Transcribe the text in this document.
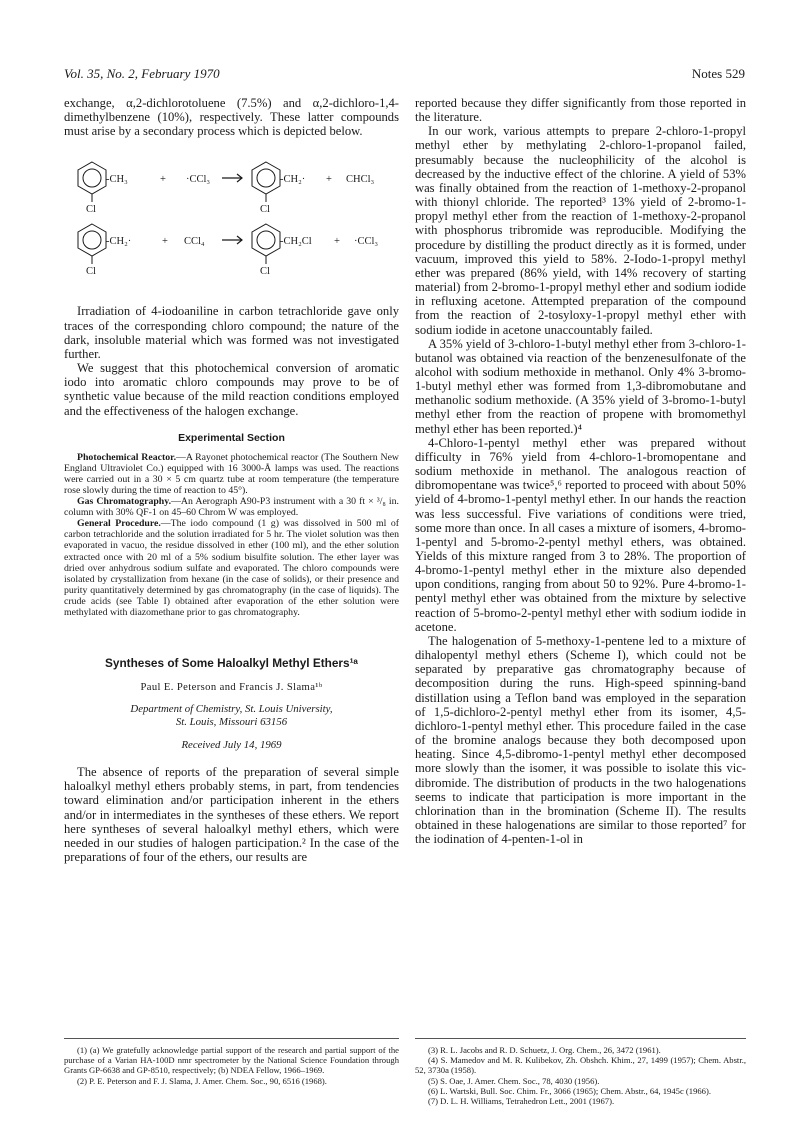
Vol. 35, No. 2, February 1970	Notes 529

exchange, α,2-dichlorotoluene (7.5%) and α,2-dichloro-1,4-dimethylbenzene (10%), respectively. These latter compounds must arise by a secondary process which is depicted below.

-CH₃
Cl
+ ·CCl₃	-CH₂·
Cl
+ CHCl₃
-CH₂·
Cl
+ CCl₄	-CH₂Cl
Cl
+ ·CCl₃

Irradiation of 4-iodoaniline in carbon tetrachloride gave only traces of the corresponding chloro compound; the nature of the dark, insoluble material which was formed was not investigated further.

We suggest that this photochemical conversion of aromatic iodo into aromatic chloro compounds may prove to be of synthetic value because of the mild reaction conditions employed and the effectiveness of the halogen exchange.

Experimental Section

Photochemical Reactor.—A Rayonet photochemical reactor (The Southern New England Ultraviolet Co.) equipped with 16 3000-Å lamps was used. The reactions were carried out in a 30 × 5 cm quartz tube at room temperature (the temperature rose slowly during the time of reaction to 45°).

Gas Chromatography.—An Aerograph A90-P3 instrument with a 30 ft × ³/₈ in. column with 30% QF-1 on 45–60 Chrom W was employed.

General Procedure.—The iodo compound (1 g) was dissolved in 500 ml of carbon tetrachloride and the solution irradiated for 5 hr. The violet solution was then evaporated in vacuo, the residue dissolved in ether (100 ml), and the ether solution extracted once with 20 ml of a 5% sodium bisulfite solution. The ether layer was dried over anhydrous sodium sulfate and evaporated. The chloro compounds were isolated by crystallization from hexane (in the case of solids), or their presence and purity quantitatively determined by gas chromatography (in the case of liquids). The crude acids (see Table I) obtained after evaporation of the ether solution were methylated with diazomethane prior to gas chromatography.

Syntheses of Some Haloalkyl Methyl Ethers¹ᵃ
Paul E. Peterson and Francis J. Slama¹ᵇ
Department of Chemistry, St. Louis University,
St. Louis, Missouri 63156
Received July 14, 1969

The absence of reports of the preparation of several simple haloalkyl methyl ethers probably stems, in part, from tendencies toward elimination and/or participation inherent in the ethers and/or in intermediates in the syntheses of these ethers. We report here syntheses of several haloalkyl methyl ethers, which were needed in our studies of halogen participation.² In the case of the preparations of four of the ethers, our results are

(1) (a) We gratefully acknowledge partial support of the research and partial support of the purchase of a Varian HA-100D nmr spectrometer by the National Science Foundation through Grants GP-6638 and GP-8510, respectively; (b) NDEA Fellow, 1966–1969.

(2) P. E. Peterson and F. J. Slama, J. Amer. Chem. Soc., 90, 6516 (1968).

reported because they differ significantly from those reported in the literature.

In our work, various attempts to prepare 2-chloro-1-propyl methyl ether by methylating 2-chloro-1-propanol failed, presumably because the nucleophilicity of the alcohol is decreased by the inductive effect of the chlorine. A yield of 53% was finally obtained from the reaction of 1-methoxy-2-propanol with thionyl chloride. The reported³ 13% yield of 2-bromo-1-propyl methyl ether from the reaction of 1-methoxy-2-propanol with phosphorus tribromide was reproducible. Modifying the procedure by distilling the product directly as it is formed, under vacuum, improved this yield to 58%. 2-Iodo-1-propyl methyl ether was prepared (86% yield, with 14% recovery of starting material) from 2-bromo-1-propyl methyl ether and sodium iodide in refluxing acetone. Attempted preparation of the compound from the reaction of 2-tosyloxy-1-propyl methyl ether with sodium iodide in acetone unaccountably failed.

A 35% yield of 3-chloro-1-butyl methyl ether from 3-chloro-1-butanol was obtained via reaction of the benzenesulfonate of the alcohol with sodium methoxide in methanol. Only 4% 3-bromo-1-butyl methyl ether was formed from 1,3-dibromobutane and methanolic sodium methoxide. (A 35% yield of 3-bromo-1-butyl methyl ether from the reaction of propene with bromomethyl methyl ether has been reported.)⁴

4-Chloro-1-pentyl methyl ether was prepared without difficulty in 76% yield from 4-chloro-1-bromopentane and sodium methoxide in methanol. The analogous reaction of dibromopentane was twice⁵,⁶ reported to proceed with about 50% yield of 4-bromo-1-pentyl methyl ether. In our hands the reaction was less successful. Five variations of conditions were tried, some more than once. In all cases a mixture of isomers, 4-bromo-1-pentyl and 5-bromo-2-pentyl methyl ethers, was obtained. Yields of this mixture ranged from 3 to 28%. The proportion of 4-bromo-1-pentyl methyl ether in the mixture also depended upon conditions, ranging from about 50 to 92%. Pure 4-bromo-1-pentyl methyl ether was obtained from the mixture by selective reaction of 5-bromo-2-pentyl methyl ether with sodium iodide in acetone.

The halogenation of 5-methoxy-1-pentene led to a mixture of dihalopentyl methyl ethers (Scheme I), which could not be separated by preparative gas chromatography because of decomposition during the runs. High-speed spinning-band distillation using a Teflon band was employed in the separation of 1,5-dichloro-2-pentyl methyl ether from its isomer, 4,5-dichloro-1-pentyl methyl ether. This procedure failed in the case of the bromine analogs because they both decomposed upon heating. Since 4,5-dibromo-1-pentyl methyl ether decomposed more slowly than the isomer, it was possible to isolate this vic-dibromide. The distribution of products in the two halogenations seems to indicate that participation is more important in the chlorination than in the bromination (Scheme II). The results obtained in these halogenations are similar to those reported⁷ for the iodination of 4-penten-1-ol in

(3) R. L. Jacobs and R. D. Schuetz, J. Org. Chem., 26, 3472 (1961).

(4) S. Mamedov and M. R. Kulibekov, Zh. Obshch. Khim., 27, 1499 (1957); Chem. Abstr., 52, 3730a (1958).

(5) S. Oae, J. Amer. Chem. Soc., 78, 4030 (1956).

(6) L. Wartski, Bull. Soc. Chim. Fr., 3066 (1965); Chem. Abstr., 64, 1945c (1966).

(7) D. L. H. Williams, Tetrahedron Lett., 2001 (1967).
